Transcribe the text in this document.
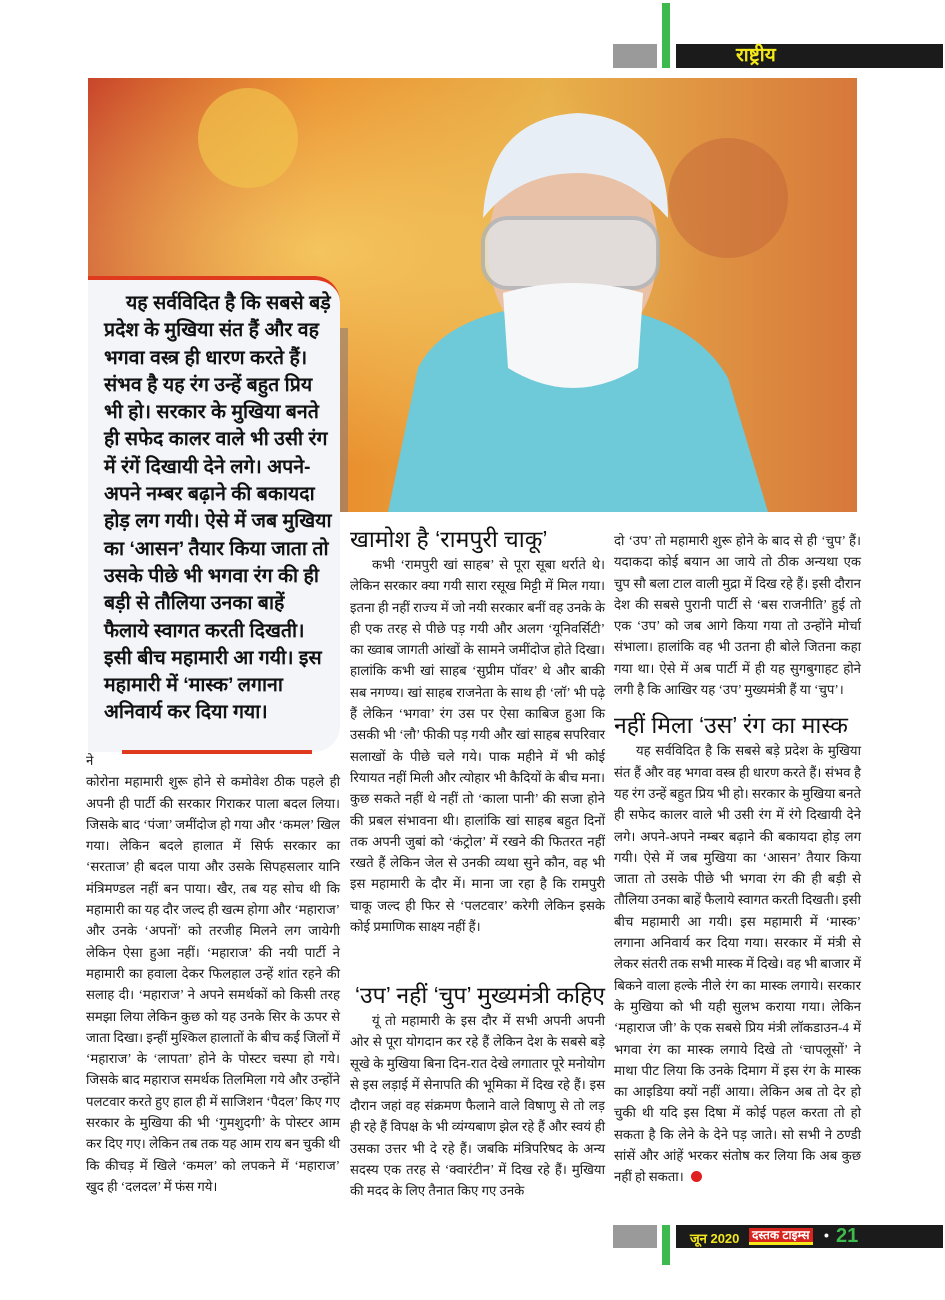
राष्ट्रीय

यह सर्वविदित है कि सबसे बड़े प्रदेश के मुखिया संत हैं और वह भगवा वस्त्र ही धारण करते हैं। संभव है यह रंग उन्हें बहुत प्रिय भी हो। सरकार के मुखिया बनते ही सफेद कालर वाले भी उसी रंग में रंगें दिखायी देने लगे। अपने-अपने नम्बर बढ़ाने की बकायदा होड़ लग गयी। ऐसे में जब मुखिया का ‘आसन’ तैयार किया जाता तो उसके पीछे भी भगवा रंग की ही बड़ी से तौलिया उनका बाहें फैलाये स्वागत करती दिखती। इसी बीच महामारी आ गयी। इस महामारी में ‘मास्क’ लगाना अनिवार्य कर दिया गया।

ने

कोरोना महामारी शुरू होने से कमोवेश ठीक पहले ही अपनी ही पार्टी की सरकार गिराकर पाला बदल लिया। जिसके बाद ‘पंजा’ जमींदोज हो गया और ‘कमल’ खिल गया। लेकिन बदले हालात में सिर्फ सरकार का ‘सरताज’ ही बदल पाया और उसके सिपहसलार यानि मंत्रिमण्डल नहीं बन पाया। खैर, तब यह सोच थी कि महामारी का यह दौर जल्द ही खत्म होगा और ‘महाराज’ और उनके ‘अपनों’ को तरजीह मिलने लग जायेगी लेकिन ऐसा हुआ नहीं। ‘महाराज’ की नयी पार्टी ने महामारी का हवाला देकर फिलहाल उन्हें शांत रहने की सलाह दी। ‘महाराज’ ने अपने समर्थकों को किसी तरह समझा लिया लेकिन कुछ को यह उनके सिर के ऊपर से जाता दिखा। इन्हीं मुश्किल हालातों के बीच कई जिलों में ‘महाराज’ के ‘लापता’ होने के पोस्टर चस्पा हो गये। जिसके बाद महाराज समर्थक तिलमिला गये और उन्होंने पलटवार करते हुए हाल ही में साजिशन ‘पैदल’ किए गए सरकार के मुखिया की भी ‘गुमशुदगी’ के पोस्टर आम कर दिए गए। लेकिन तब तक यह आम राय बन चुकी थी कि कीचड़ में खिले ‘कमल’ को लपकने में ‘महाराज’ खुद ही ‘दलदल’ में फंस गये।

खामोश है ‘रामपुरी चाकू’

कभी ‘रामपुरी खां साहब’ से पूरा सूबा थर्राते थे। लेकिन सरकार क्या गयी सारा रसूख मिट्टी में मिल गया। इतना ही नहीं राज्य में जो नयी सरकार बनीं वह उनके के ही एक तरह से पीछे पड़ गयी और अलग ‘यूनिवर्सिटी’ का ख्वाब जागती आंखों के सामने जमींदोज होते दिखा। हालांकि कभी खां साहब ‘सुप्रीम पॉवर’ थे और बाकी सब नगण्य। खां साहब राजनेता के साथ ही ‘लॉ’ भी पढ़े हैं लेकिन ‘भगवा’ रंग उस पर ऐसा काबिज हुआ कि उसकी भी ‘लौ’ फीकी पड़ गयी और खां साहब सपरिवार सलाखों के पीछे चले गये। पाक महीने में भी कोई रियायत नहीं मिली और त्योहार भी कैदियों के बीच मना। कुछ सकते नहीं थे नहीं तो ‘काला पानी’ की सजा होने की प्रबल संभावना थी। हालांकि खां साहब बहुत दिनों तक अपनी जुबां को ‘कंट्रोल’ में रखने की फितरत नहीं रखते हैं लेकिन जेल से उनकी व्यथा सुने कौन, वह भी इस महामारी के दौर में। माना जा रहा है कि रामपुरी चाकू जल्द ही फिर से ‘पलटवार’ करेगी लेकिन इसके कोई प्रमाणिक साक्ष्य नहीं हैं।

‘उप’ नहीं ‘चुप’ मुख्यमंत्री कहिए

यूं तो महामारी के इस दौर में सभी अपनी अपनी ओर से पूरा योगदान कर रहे हैं लेकिन देश के सबसे बड़े सूखे के मुखिया बिना दिन-रात देखे लगातार पूरे मनोयोग से इस लड़ाई में सेनापति की भूमिका में दिख रहे हैं। इस दौरान जहां वह संक्रमण फैलाने वाले विषाणु से तो लड़ ही रहे हैं विपक्ष के भी व्यंग्यबाण झेल रहे हैं और स्वयं ही उसका उत्तर भी दे रहे हैं। जबकि मंत्रिपरिषद के अन्य सदस्य एक तरह से ‘क्वारंटीन’ में दिख रहे हैं। मुखिया की मदद के लिए तैनात किए गए उनके

दो ‘उप’ तो महामारी शुरू होने के बाद से ही ‘चुप’ हैं। यदाकदा कोई बयान आ जाये तो ठीक अन्यथा एक चुप सौ बला टाल वाली मुद्रा में दिख रहे हैं। इसी दौरान देश की सबसे पुरानी पार्टी से ‘बस राजनीति’ हुई तो एक ‘उप’ को जब आगे किया गया तो उन्होंने मोर्चा संभाला। हालांकि वह भी उतना ही बोले जितना कहा गया था। ऐसे में अब पार्टी में ही यह सुगबुगाहट होने लगी है कि आखिर यह ‘उप’ मुख्यमंत्री हैं या ‘चुप’।

नहीं मिला ‘उस’ रंग का मास्क

यह सर्वविदित है कि सबसे बड़े प्रदेश के मुखिया संत हैं और वह भगवा वस्त्र ही धारण करते हैं। संभव है यह रंग उन्हें बहुत प्रिय भी हो। सरकार के मुखिया बनते ही सफेद कालर वाले भी उसी रंग में रंगे दिखायी देने लगे। अपने-अपने नम्बर बढ़ाने की बकायदा होड़ लग गयी। ऐसे में जब मुखिया का ‘आसन’ तैयार किया जाता तो उसके पीछे भी भगवा रंग की ही बड़ी से तौलिया उनका बाहें फैलाये स्वागत करती दिखती। इसी बीच महामारी आ गयी। इस महामारी में ‘मास्क’ लगाना अनिवार्य कर दिया गया। सरकार में मंत्री से लेकर संतरी तक सभी मास्क में दिखे। वह भी बाजार में बिकने वाला हल्के नीले रंग का मास्क लगाये। सरकार के मुखिया को भी यही सुलभ कराया गया। लेकिन ‘महाराज जी’ के एक सबसे प्रिय मंत्री लॉकडाउन-4 में भगवा रंग का मास्क लगाये दिखे तो ‘चापलूसों’ ने माथा पीट लिया कि उनके दिमाग में इस रंग के मास्क का आइडिया क्यों नहीं आया। लेकिन अब तो देर हो चुकी थी यदि इस दिषा में कोई पहल करता तो हो सकता है कि लेने के देने पड़ जाते। सो सभी ने ठण्डी सांसें और आंहें भरकर संतोष कर लिया कि अब कुछ नहीं हो सकता।

जून 2020 दस्तक टाइम्स • 21
